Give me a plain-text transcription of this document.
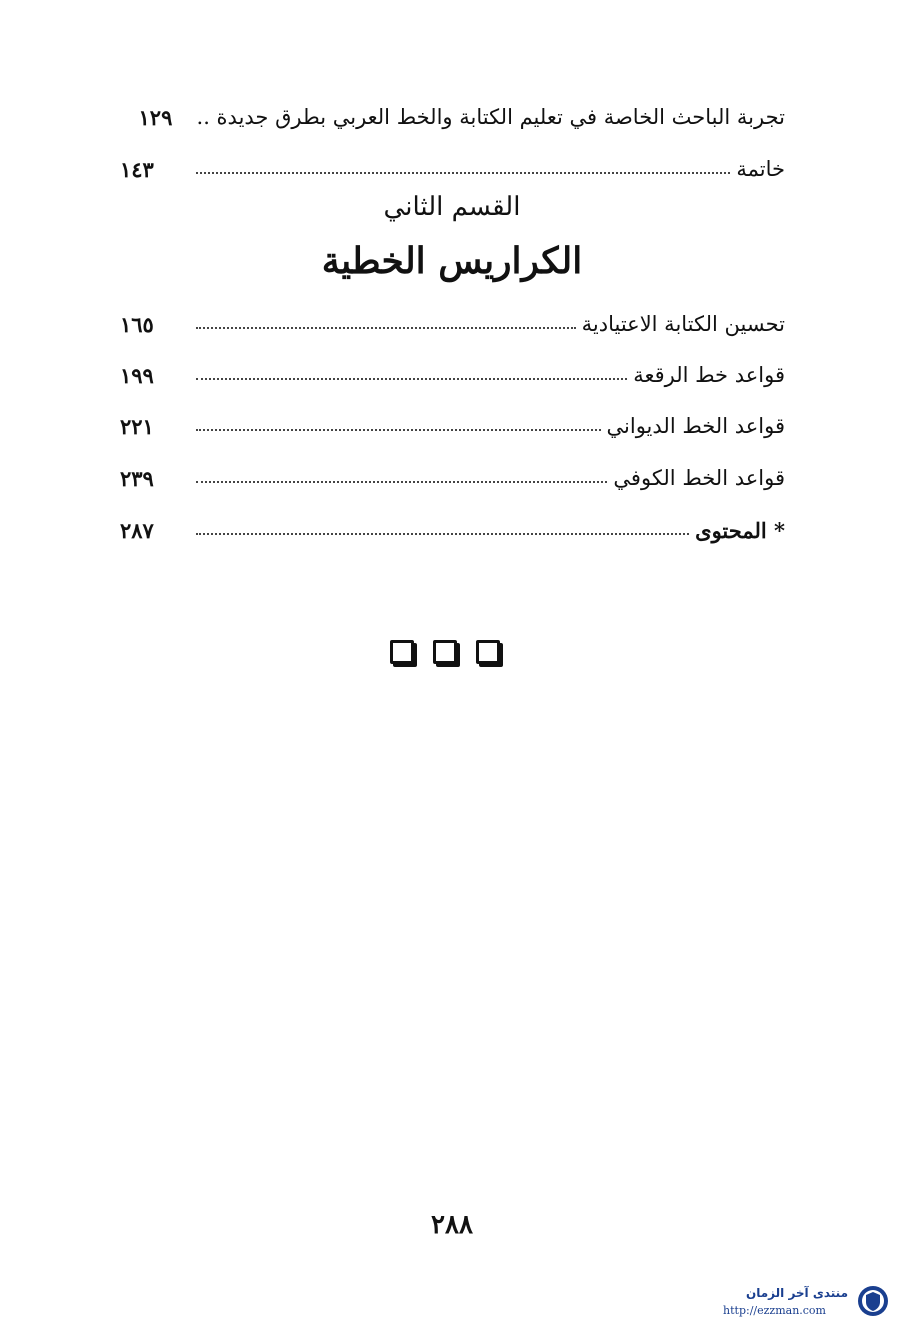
تجربة الباحث الخاصة في تعليم الكتابة والخط العربي بطرق جديدة ..
١٢٩
خاتمة
١٤٣
القسم الثاني
الكراريس الخطية
تحسين الكتابة الاعتيادية
١٦٥
قواعد خط الرقعة
١٩٩
قواعد الخط الديواني
٢٢١
قواعد الخط الكوفي
٢٣٩
* المحتوى
٢٨٧
٢٨٨
منتدى آخر الزمان
http://ezzman.com
